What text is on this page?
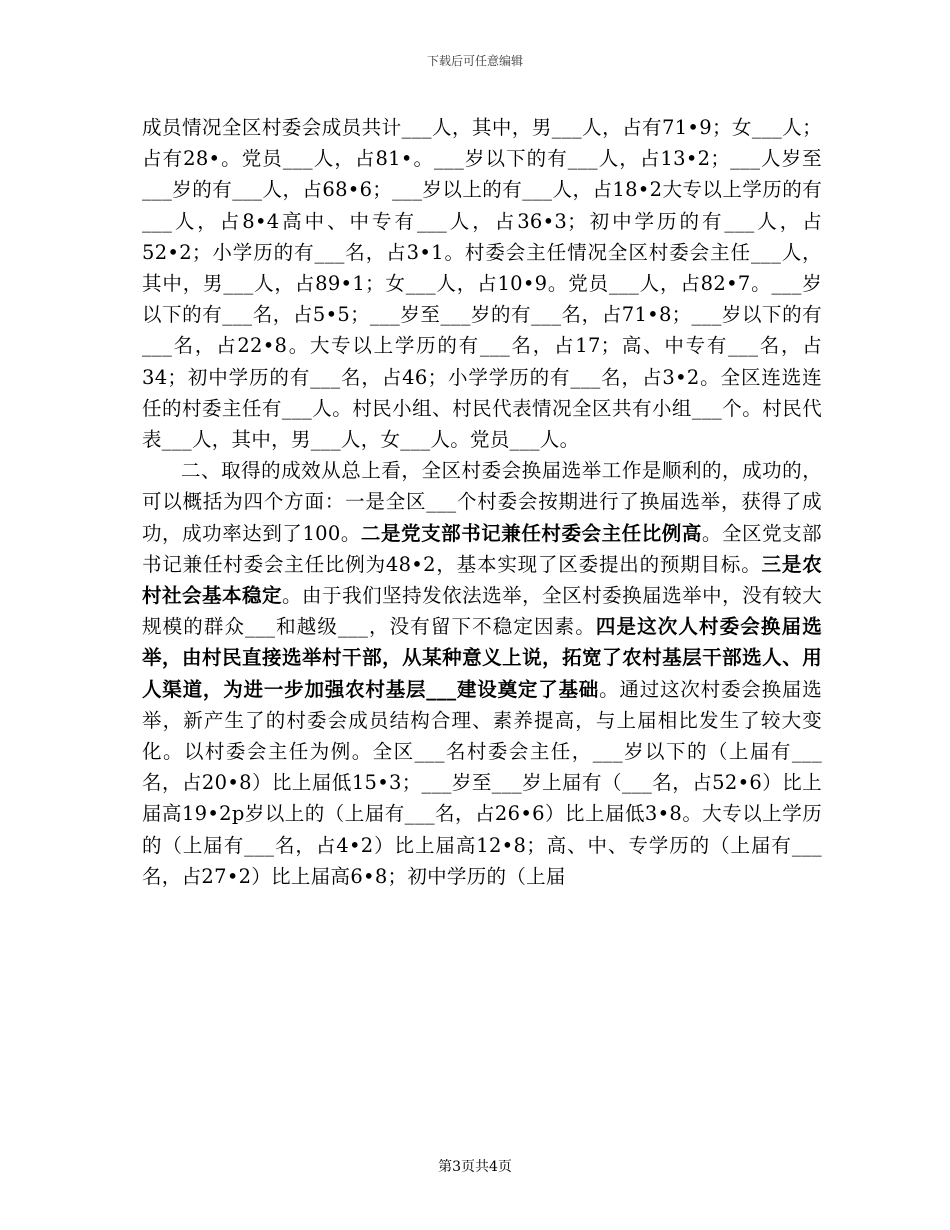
下载后可任意编辑

成员情况全区村委会成员共计___人，其中，男___人，占有71•9；女___人；占有28•。党员___人，占81•。___岁以下的有___人，占13•2；___人岁至___岁的有___人，占68•6；___岁以上的有___人，占18•2大专以上学历的有___人，占8•4高中、中专有___人，占36•3；初中学历的有___人，占52•2；小学历的有___名，占3•1。村委会主任情况全区村委会主任___人，其中，男___人，占89•1；女___人，占10•9。党员___人，占82•7。___岁以下的有___名，占5•5；___岁至___岁的有___名，占71•8；___岁以下的有___名，占22•8。大专以上学历的有___名，占17；高、中专有___名，占34；初中学历的有___名，占46；小学学历的有___名，占3•2。全区连选连任的村委主任有___人。村民小组、村民代表情况全区共有小组___个。村民代表___人，其中，男___人，女___人。党员___人。

二、取得的成效从总上看，全区村委会换届选举工作是顺利的，成功的，可以概括为四个方面：一是全区___个村委会按期进行了换届选举，获得了成功，成功率达到了100。二是党支部书记兼任村委会主任比例高。全区党支部书记兼任村委会主任比例为48•2，基本实现了区委提出的预期目标。三是农村社会基本稳定。由于我们坚持发依法选举，全区村委换届选举中，没有较大规模的群众___和越级___，没有留下不稳定因素。四是这次人村委会换届选举，由村民直接选举村干部，从某种意义上说，拓宽了农村基层干部选人、用人渠道，为进一步加强农村基层___建设奠定了基础。通过这次村委会换届选举，新产生了的村委会成员结构合理、素养提高，与上届相比发生了较大变化。以村委会主任为例。全区___名村委会主任，___岁以下的（上届有___名，占20•8）比上届低15•3；___岁至___岁上届有（___名，占52•6）比上届高19•2p岁以上的（上届有___名，占26•6）比上届低3•8。大专以上学历的（上届有___名，占4•2）比上届高12•8；高、中、专学历的（上届有___名，占27•2）比上届高6•8；初中学历的（上届

第3页共4页
